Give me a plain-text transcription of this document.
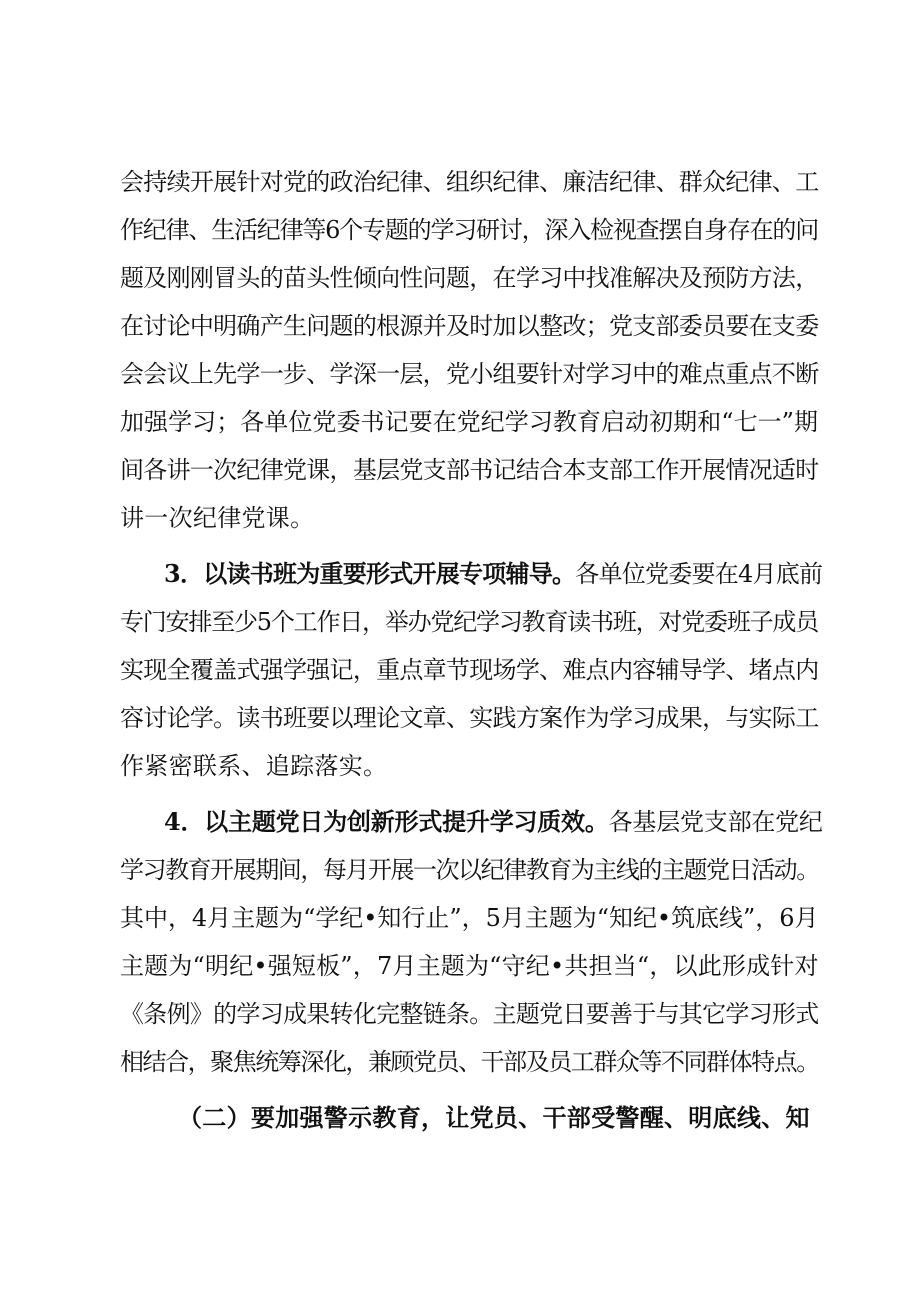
会持续开展针对党的政治纪律、组织纪律、廉洁纪律、群众纪律、工
作纪律、生活纪律等6个专题的学习研讨，深入检视查摆自身存在的问
题及刚刚冒头的苗头性倾向性问题，在学习中找准解决及预防方法，
在讨论中明确产生问题的根源并及时加以整改；党支部委员要在支委
会会议上先学一步、学深一层，党小组要针对学习中的难点重点不断
加强学习；各单位党委书记要在党纪学习教育启动初期和“七一”期
间各讲一次纪律党课，基层党支部书记结合本支部工作开展情况适时
讲一次纪律党课。
3．以读书班为重要形式开展专项辅导。各单位党委要在4月底前
专门安排至少5个工作日，举办党纪学习教育读书班，对党委班子成员
实现全覆盖式强学强记，重点章节现场学、难点内容辅导学、堵点内
容讨论学。读书班要以理论文章、实践方案作为学习成果，与实际工
作紧密联系、追踪落实。
4．以主题党日为创新形式提升学习质效。各基层党支部在党纪
学习教育开展期间，每月开展一次以纪律教育为主线的主题党日活动。
其中，4月主题为“学纪•知行止”，5月主题为“知纪•筑底线”，6月
主题为“明纪•强短板”，7月主题为“守纪•共担当“，以此形成针对
《条例》的学习成果转化完整链条。主题党日要善于与其它学习形式
相结合，聚焦统筹深化，兼顾党员、干部及员工群众等不同群体特点。
（二）要加强警示教育，让党员、干部受警醒、明底线、知
